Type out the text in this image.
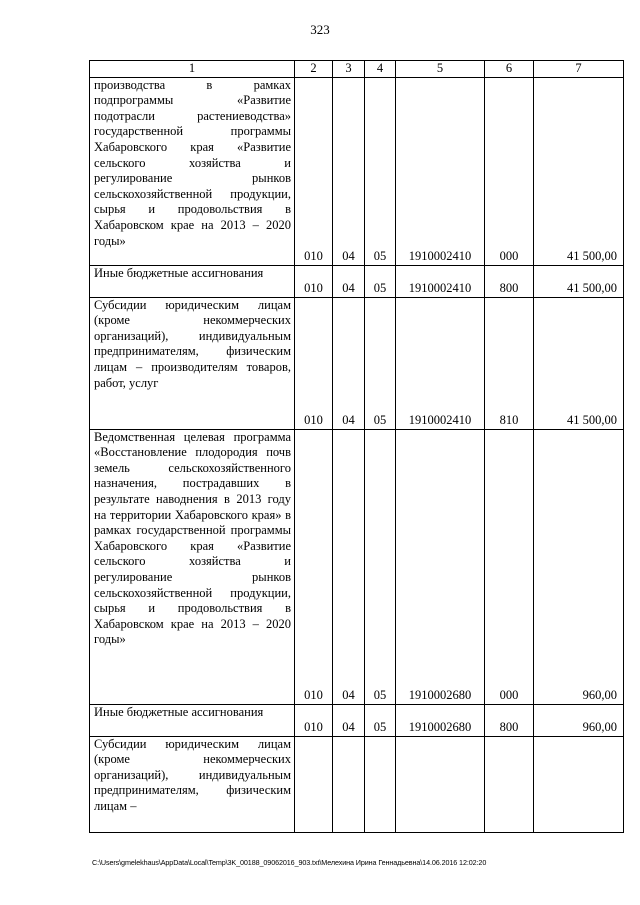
323
1	2	3	4	5	6	7
производства в рамках подпрограммы «Развитие подотрасли растениеводства» государственной программы Хабаровского края «Развитие сельского хозяйства и регулирование рынков сельскохозяйственной продукции, сырья и продовольствия в Хабаровском крае на 2013 – 2020 годы»	010	04	05	1910002410	000	41 500,00
Иные бюджетные ассигнования	010	04	05	1910002410	800	41 500,00
Субсидии юридическим лицам (кроме некоммерческих организаций), индивидуальным предпринимателям, физическим лицам – производителям товаров, работ, услуг	010	04	05	1910002410	810	41 500,00
Ведомственная целевая программа «Восстановление плодородия почв земель сельскохозяйственного назначения, пострадавших в результате наводнения в 2013 году на территории Хабаровского края» в рамках государственной программы Хабаровского края «Развитие сельского хозяйства и регулирование рынков сельскохозяйственной продукции, сырья и продовольствия в Хабаровском крае на 2013 – 2020 годы»	010	04	05	1910002680	000	960,00
Иные бюджетные ассигнования	010	04	05	1910002680	800	960,00
Субсидии юридическим лицам (кроме некоммерческих организаций), индивидуальным предпринимателям, физическим лицам –						
C:\Users\gmelekhaus\AppData\Local\Temp\3K_00188_09062016_903.txt\Мелехина Ирина Геннадьевна\14.06.2016 12:02:20
